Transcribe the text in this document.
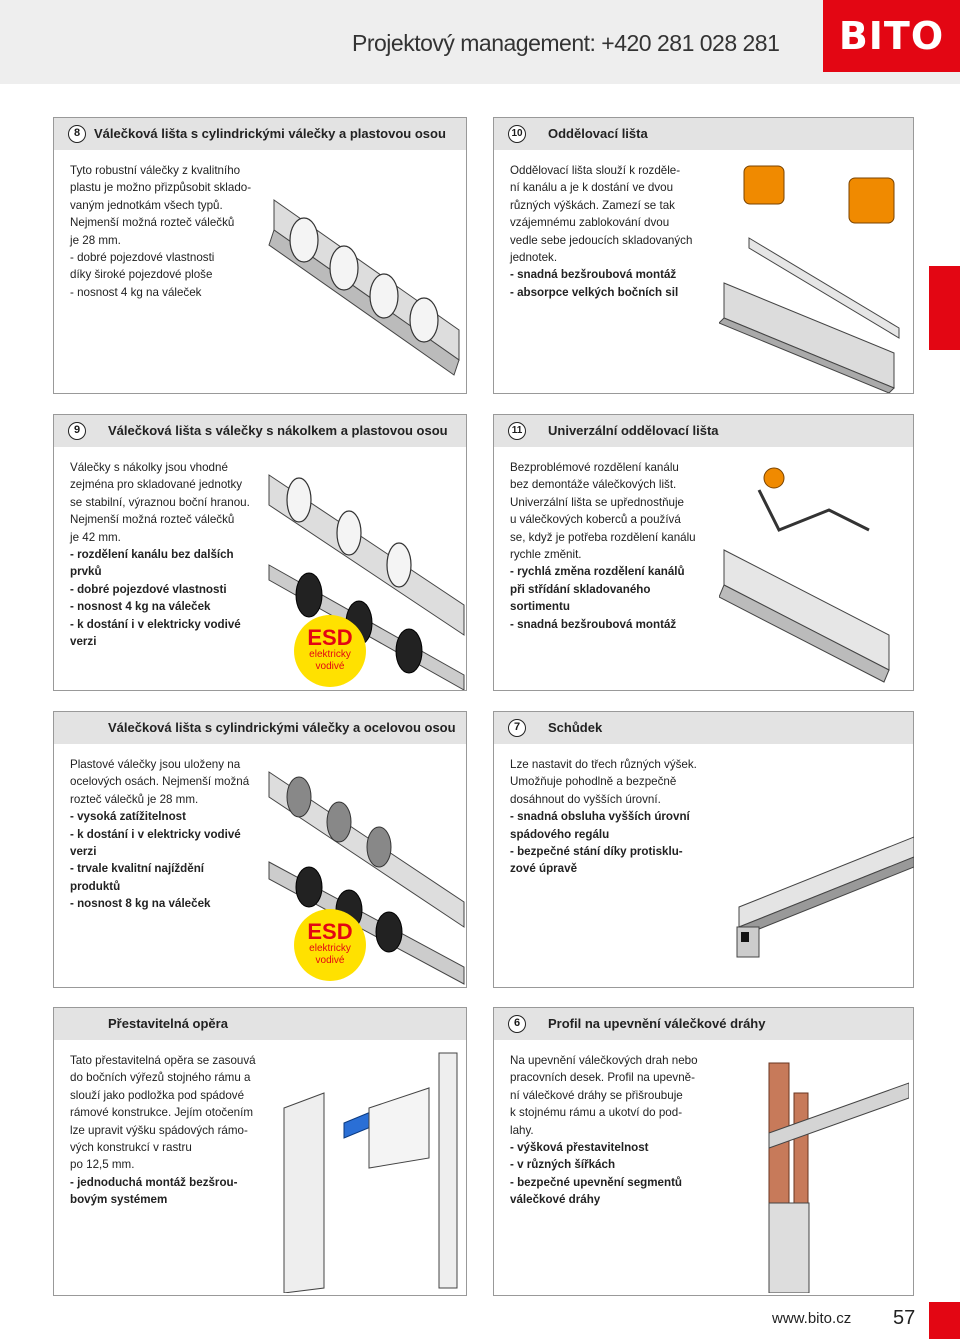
Projektový management: +420 281 028 281	BITO
8	Válečková lišta s cylindrickými válečky a plastovou osou
Tyto robustní válečky z kvalitního
plastu je možno přizpůsobit sklado-
vaným jednotkám všech typů.
Nejmenší možná rozteč válečků
je 28 mm.
- dobré pojezdové vlastnosti
díky široké pojezdové ploše
- nosnost 4 kg na váleček
10 Oddělovací lišta
Oddělovací lišta slouží k rozděle-
ní kanálu a je k dostání ve dvou
různých výškách. Zamezí se tak
vzájemnému zablokování dvou
vedle sebe jedoucích skladovaných
jednotek.
- snadná bezšroubová montáž
- absorpce velkých bočních sil
9	Válečková lišta s válečky s nákolkem a plastovou osou
Válečky s nákolky jsou vhodné
zejména pro skladované jednotky
se stabilní, výraznou boční hranou.
Nejmenší možná rozteč válečků
je 42 mm.
- rozdělení kanálu bez dalších
prvků
- dobré pojezdové vlastnosti
- nosnost 4 kg na váleček
- k dostání i v elektricky vodivé
verzi	ESD
elektricky
vodivé
11 Univerzální oddělovací lišta
Bezproblémové rozdělení kanálu
bez demontáže válečkových lišt.
Univerzální lišta se upřednostňuje
u válečkových koberců a používá
se, když je potřeba rozdělení kanálu
rychle změnit.
- rychlá změna rozdělení kanálů
při střídání skladovaného
sortimentu
- snadná bezšroubová montáž
Válečková lišta s cylindrickými válečky a ocelovou osou
Plastové válečky jsou uloženy na
ocelových osách. Nejmenší možná
rozteč válečků je 28 mm.
- vysoká zatížitelnost
- k dostání i v elektricky vodivé
verzi
- trvale kvalitní najíždění
produktů
- nosnost 8 kg na váleček
ESD
elektricky
vodivé
7	Schůdek
Lze nastavit do třech různých výšek.
Umožňuje pohodlně a bezpečně
dosáhnout do vyšších úrovní.
- snadná obsluha vyšších úrovní
spádového regálu
- bezpečné stání díky protisklu-
zové úpravě
Přestavitelná opěra
Tato přestavitelná opěra se zasouvá
do bočních výřezů stojného rámu a
slouží jako podložka pod spádové
rámové konstrukce. Jejím otočením
lze upravit výšku spádových rámo-
vých konstrukcí v rastru
po 12,5 mm.
- jednoduchá montáž bezšrou-
bovým systémem
6	Profil na upevnění válečkové dráhy
Na upevnění válečkových drah nebo
pracovních desek. Profil na upevně-
ní válečkové dráhy se přišroubuje
k stojnému rámu a ukotví do pod-
lahy.
- výšková přestavitelnost
- v různých šířkách
- bezpečné upevnění segmentů
válečkové dráhy
www.bito.cz 57
